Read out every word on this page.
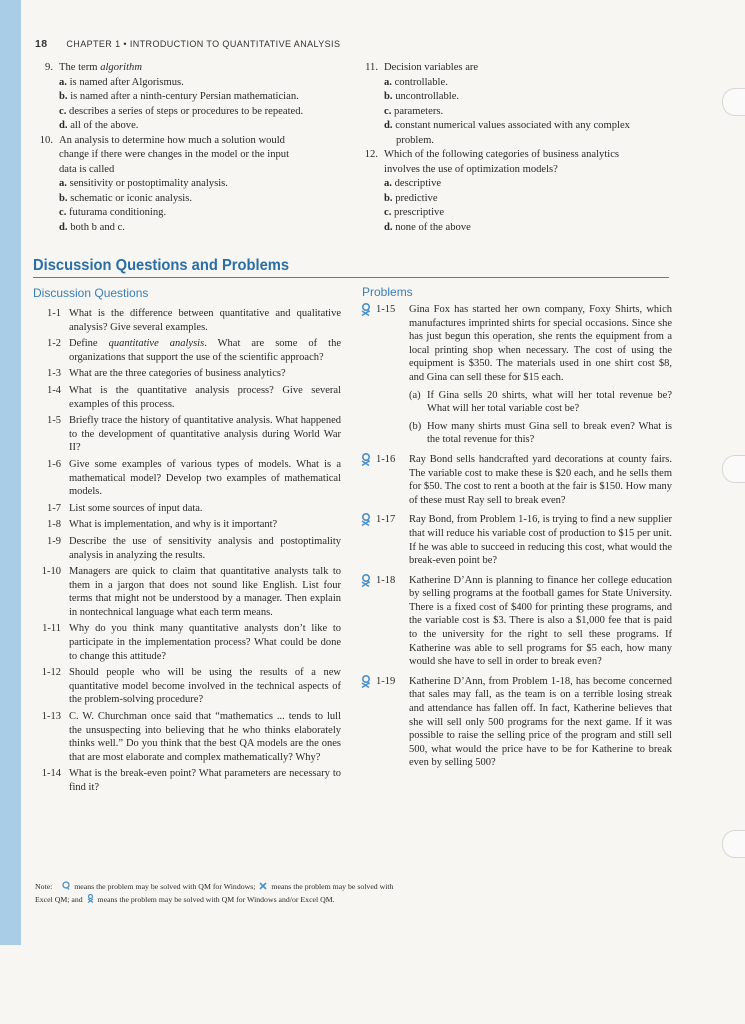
18 CHAPTER 1 • INTRODUCTION TO QUANTITATIVE ANALYSIS
9. The term algorithm
a. is named after Algorismus.
b. is named after a ninth-century Persian mathematician.
c. describes a series of steps or procedures to be repeated.
d. all of the above.
10. An analysis to determine how much a solution would
change if there were changes in the model or the input
data is called
a. sensitivity or postoptimality analysis.
b. schematic or iconic analysis.
c. futurama conditioning.
d. both b and c.
11. Decision variables are
a. controllable.
b. uncontrollable.
c. parameters.
d. constant numerical values associated with any complex
problem.
12. Which of the following categories of business analytics
involves the use of optimization models?
a. descriptive
b. predictive
c. prescriptive
d. none of the above
Discussion Questions and Problems
Discussion Questions	Problems
1-1 What is the difference between quantitative and qualitative analysis? Give several examples.
1-2 Define quantitative analysis. What are some of the organizations that support the use of the scientific approach?
1-3 What are the three categories of business analytics?
1-4 What is the quantitative analysis process? Give several examples of this process.
1-5 Briefly trace the history of quantitative analysis. What happened to the development of quantitative analysis during World War II?
1-6 Give some examples of various types of models. What is a mathematical model? Develop two examples of mathematical models.
1-7 List some sources of input data.
1-8 What is implementation, and why is it important?
1-9 Describe the use of sensitivity analysis and postoptimality analysis in analyzing the results.
1-10 Managers are quick to claim that quantitative analysts talk to them in a jargon that does not sound like English. List four terms that might not be understood by a manager. Then explain in nontechnical language what each term means.
1-11 Why do you think many quantitative analysts don’t like to participate in the implementation process? What could be done to change this attitude?
1-12 Should people who will be using the results of a new quantitative model become involved in the technical aspects of the problem-solving procedure?
1-13 C. W. Churchman once said that “mathematics ... tends to lull the unsuspecting into believing that he who thinks elaborately thinks well.” Do you think that the best QA models are the ones that are most elaborate and complex mathematically? Why?
1-14 What is the break-even point? What parameters are necessary to find it?
1-15 Gina Fox has started her own company, Foxy Shirts, which manufactures imprinted shirts for special occasions. Since she has just begun this operation, she rents the equipment from a local printing shop when necessary. The cost of using the equipment is $350. The materials used in one shirt cost $8, and Gina can sell these for $15 each.
(a) If Gina sells 20 shirts, what will her total revenue be? What will her total variable cost be?
(b) How many shirts must Gina sell to break even? What is the total revenue for this?
1-16 Ray Bond sells handcrafted yard decorations at county fairs. The variable cost to make these is $20 each, and he sells them for $50. The cost to rent a booth at the fair is $150. How many of these must Ray sell to break even?
1-17 Ray Bond, from Problem 1-16, is trying to find a new supplier that will reduce his variable cost of production to $15 per unit. If he was able to succeed in reducing this cost, what would the break-even point be?
1-18 Katherine D’Ann is planning to finance her college education by selling programs at the football games for State University. There is a fixed cost of $400 for printing these programs, and the variable cost is $3. There is also a $1,000 fee that is paid to the university for the right to sell these programs. If Katherine was able to sell programs for $5 each, how many would she have to sell in order to break even?
1-19 Katherine D’Ann, from Problem 1-18, has become concerned that sales may fall, as the team is on a terrible losing streak and attendance has fallen off. In fact, Katherine believes that she will sell only 500 programs for the next game. If it was possible to raise the selling price of the program and still sell 500, what would the price have to be for Katherine to break even by selling 500?
Note:	means the problem may be solved with QM for Windows; means the problem may be solved with
Excel QM; and means the problem may be solved with QM for Windows and/or Excel QM.
